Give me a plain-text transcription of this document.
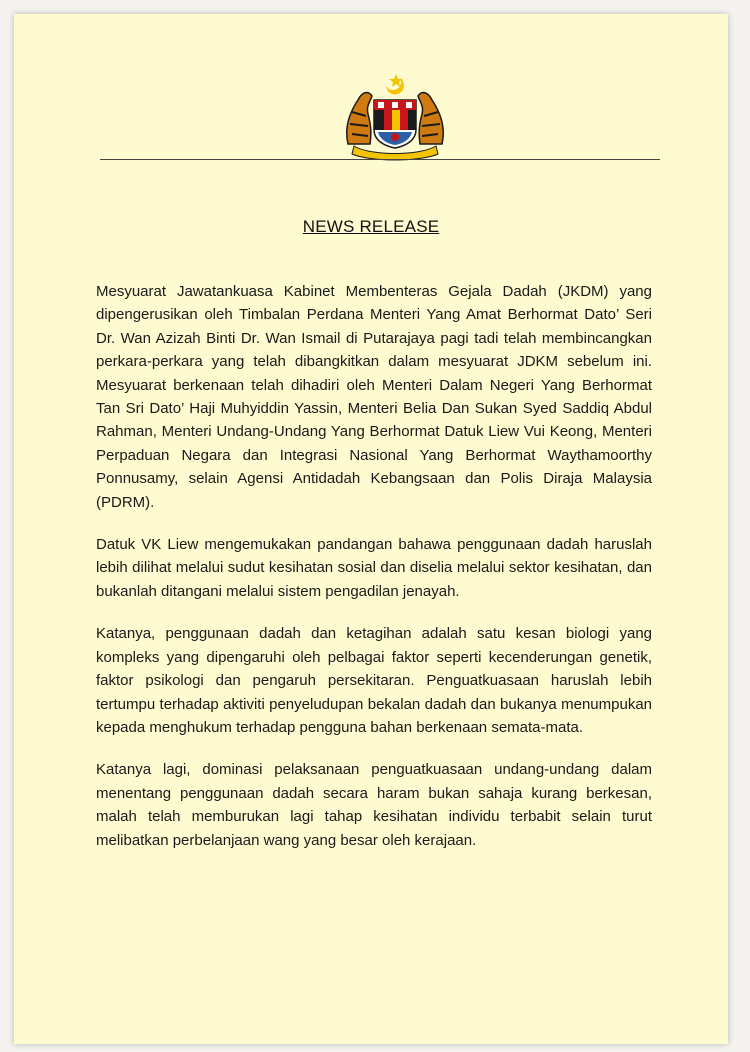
NEWS RELEASE

Mesyuarat Jawatankuasa Kabinet Membenteras Gejala Dadah (JKDM) yang dipengerusikan oleh Timbalan Perdana Menteri Yang Amat Berhormat Dato’ Seri Dr. Wan Azizah Binti Dr. Wan Ismail di Putarajaya pagi tadi telah membincangkan perkara-perkara yang telah dibangkitkan dalam mesyuarat JDKM sebelum ini. Mesyuarat berkenaan telah dihadiri oleh Menteri Dalam Negeri Yang Berhormat Tan Sri Dato’ Haji Muhyiddin Yassin, Menteri Belia Dan Sukan Syed Saddiq Abdul Rahman, Menteri Undang-Undang Yang Berhormat Datuk Liew Vui Keong, Menteri Perpaduan Negara dan Integrasi Nasional Yang Berhormat Waythamoorthy Ponnusamy, selain Agensi Antidadah Kebangsaan dan Polis Diraja Malaysia (PDRM).

Datuk VK Liew mengemukakan pandangan bahawa penggunaan dadah haruslah lebih dilihat melalui sudut kesihatan sosial dan diselia melalui sektor kesihatan, dan bukanlah ditangani melalui sistem pengadilan jenayah.

Katanya, penggunaan dadah dan ketagihan adalah satu kesan biologi yang kompleks yang dipengaruhi oleh pelbagai faktor seperti kecenderungan genetik, faktor psikologi dan pengaruh persekitaran. Penguatkuasaan haruslah lebih tertumpu terhadap aktiviti penyeludupan bekalan dadah dan bukanya menumpukan kepada menghukum terhadap pengguna bahan berkenaan semata-mata.

Katanya lagi, dominasi pelaksanaan penguatkuasaan undang-undang dalam menentang penggunaan dadah secara haram bukan sahaja kurang berkesan, malah telah memburukan lagi tahap kesihatan individu terbabit selain turut melibatkan perbelanjaan wang yang besar oleh kerajaan.
